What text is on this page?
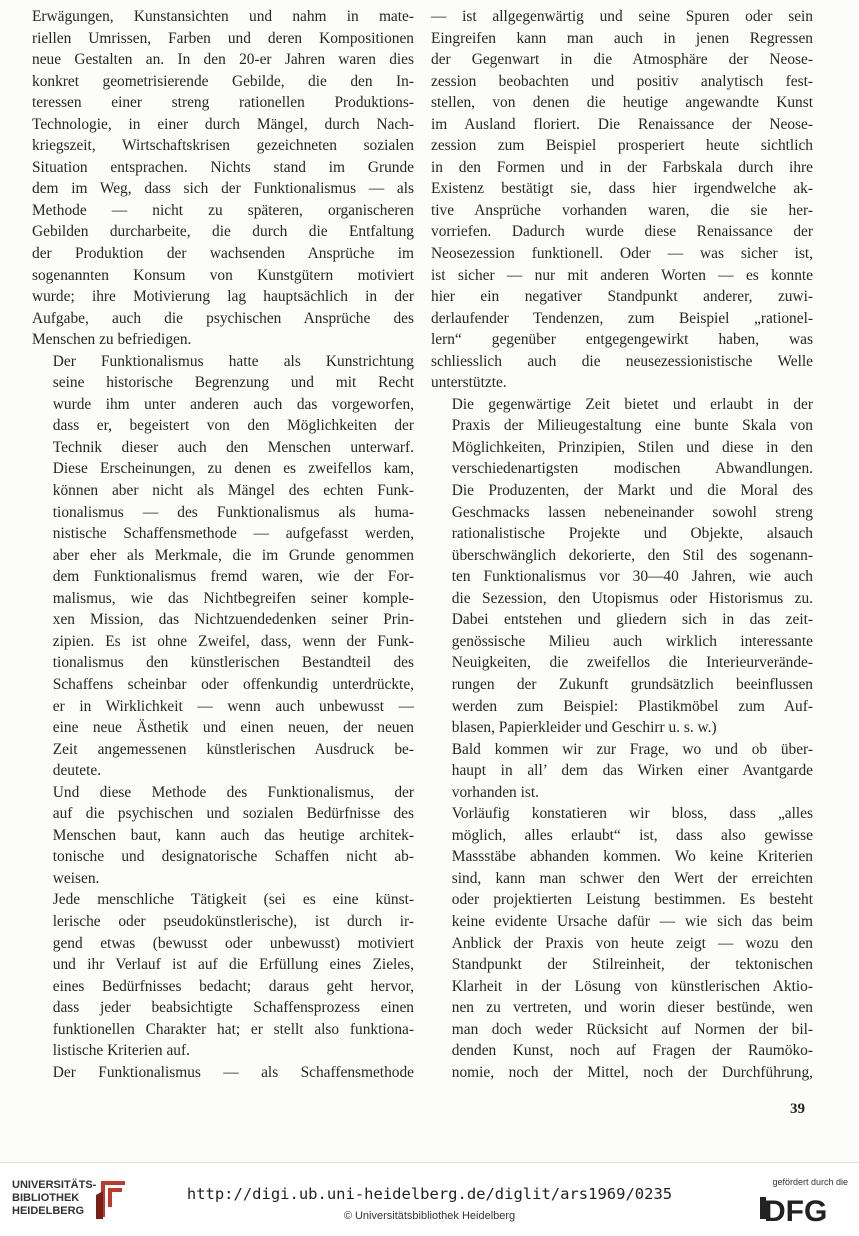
Erwägungen, Kunstansichten und nahm in mate-
riellen Umrissen, Farben und deren Kompositionen
neue Gestalten an. In den 20-er Jahren waren dies
konkret geometrisierende Gebilde, die den In-
teressen einer streng rationellen Produktions-
Technologie, in einer durch Mängel, durch Nach-
kriegszeit, Wirtschaftskrisen gezeichneten sozialen
Situation entsprachen. Nichts stand im Grunde
dem im Weg, dass sich der Funktionalismus — als
Methode — nicht zu späteren, organischeren
Gebilden durcharbeite, die durch die Entfaltung
der Produktion der wachsenden Ansprüche im
sogenannten Konsum von Kunstgütern motiviert
wurde; ihre Motivierung lag hauptsächlich in der
Aufgabe, auch die psychischen Ansprüche des
Menschen zu befriedigen.

Der Funktionalismus hatte als Kunstrichtung
seine historische Begrenzung und mit Recht
wurde ihm unter anderen auch das vorgeworfen,
dass er, begeistert von den Möglichkeiten der
Technik dieser auch den Menschen unterwarf.
Diese Erscheinungen, zu denen es zweifellos kam,
können aber nicht als Mängel des echten Funk-
tionalismus — des Funktionalismus als huma-
nistische Schaffensmethode — aufgefasst werden,
aber eher als Merkmale, die im Grunde genommen
dem Funktionalismus fremd waren, wie der For-
malismus, wie das Nichtbegreifen seiner komple-
xen Mission, das Nichtzuendedenken seiner Prin-
zipien. Es ist ohne Zweifel, dass, wenn der Funk-
tionalismus den künstlerischen Bestandteil des
Schaffens scheinbar oder offenkundig unterdrückte,
er in Wirklichkeit — wenn auch unbewusst —
eine neue Ästhetik und einen neuen, der neuen
Zeit angemessenen künstlerischen Ausdruck be-
deutete.

Und diese Methode des Funktionalismus, der
auf die psychischen und sozialen Bedürfnisse des
Menschen baut, kann auch das heutige architek-
tonische und designatorische Schaffen nicht ab-
weisen.

Jede menschliche Tätigkeit (sei es eine künst-
lerische oder pseudokünstlerische), ist durch ir-
gend etwas (bewusst oder unbewusst) motiviert
und ihr Verlauf ist auf die Erfüllung eines Zieles,
eines Bedürfnisses bedacht; daraus geht hervor,
dass jeder beabsichtigte Schaffensprozess einen
funktionellen Charakter hat; er stellt also funktiona-
listische Kriterien auf.

Der Funktionalismus — als Schaffensmethode

— ist allgegenwärtig und seine Spuren oder sein
Eingreifen kann man auch in jenen Regressen
der Gegenwart in die Atmosphäre der Neose-
zession beobachten und positiv analytisch fest-
stellen, von denen die heutige angewandte Kunst
im Ausland floriert. Die Renaissance der Neose-
zession zum Beispiel prosperiert heute sichtlich
in den Formen und in der Farbskala durch ihre
Existenz bestätigt sie, dass hier irgendwelche ak-
tive Ansprüche vorhanden waren, die sie her-
vorriefen. Dadurch wurde diese Renaissance der
Neosezession funktionell. Oder — was sicher ist,
ist sicher — nur mit anderen Worten — es konnte
hier ein negativer Standpunkt anderer, zuwi-
derlaufender Tendenzen, zum Beispiel „rationel-
lern“ gegenüber entgegengewirkt haben, was
schliesslich auch die neusezessionistische Welle
unterstützte.

Die gegenwärtige Zeit bietet und erlaubt in der
Praxis der Milieugestaltung eine bunte Skala von
Möglichkeiten, Prinzipien, Stilen und diese in den
verschiedenartigsten modischen Abwandlungen.
Die Produzenten, der Markt und die Moral des
Geschmacks lassen nebeneinander sowohl streng
rationalistische Projekte und Objekte, alsauch
überschwänglich dekorierte, den Stil des sogenann-
ten Funktionalismus vor 30—40 Jahren, wie auch
die Sezession, den Utopismus oder Historismus zu.
Dabei entstehen und gliedern sich in das zeit-
genössische Milieu auch wirklich interessante
Neuigkeiten, die zweifellos die Interieurverände-
rungen der Zukunft grundsätzlich beeinflussen
werden zum Beispiel: Plastikmöbel zum Auf-
blasen, Papierkleider und Geschirr u. s. w.)

Bald kommen wir zur Frage, wo und ob über-
haupt in all’ dem das Wirken einer Avantgarde
vorhanden ist.

Vorläufig konstatieren wir bloss, dass „alles
möglich, alles erlaubt“ ist, dass also gewisse
Massstäbe abhanden kommen. Wo keine Kriterien
sind, kann man schwer den Wert der erreichten
oder projektierten Leistung bestimmen. Es besteht
keine evidente Ursache dafür — wie sich das beim
Anblick der Praxis von heute zeigt — wozu den
Standpunkt der Stilreinheit, der tektonischen
Klarheit in der Lösung von künstlerischen Aktio-
nen zu vertreten, und worin dieser bestünde, wen
man doch weder Rücksicht auf Normen der bil-
denden Kunst, noch auf Fragen der Raumöko-
nomie, noch der Mittel, noch der Durchführung,

39
UNIVERSITÄTS-
BIBLIOTHEK
HEIDELBERG
http://digi.ub.uni-heidelberg.de/diglit/ars1969/0235
© Universitätsbibliothek Heidelberg
gefördert durch die
DFG
